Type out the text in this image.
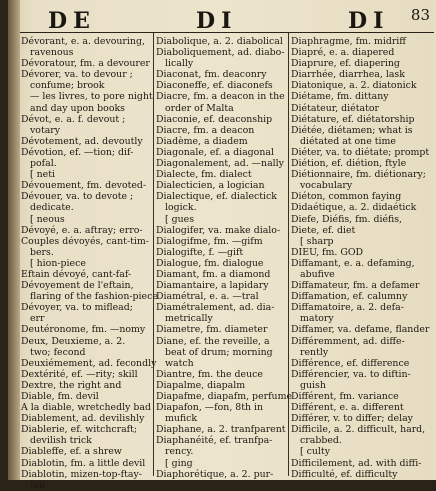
DE	DI	DI 83
Dévorant, e. a. devouring,
ravenous
Dévoratour, fm. a devourer
Dévorer, va. to devour ;
confume; brook
— les livres, to pore night
and day upon books
Dévot, e. a. f. devout ;
votary
Dévotement, ad. devoutly
Dévotion, ef. —tion; dif-
pofal.
[ neti
Dévouement, fm. devoted-
Dévouer, va. to devote ;
dedicate.
[ neous
Dévoyé, e. a. aftray; erro-
Couples dévoyés, cant-tim-
bers.
[ hion-piece
Eftain dévoyé, cant-faf-
Dévoyement de l'eftain,
flaring of the fashion-piece
Dévoyer, va. to miflead;
err
Deutéronome, fm. —nomy
Deux, Deuxieme, a. 2.
two; fecond
Deuxiémement, ad. fecondly
Dextérité, ef. —rity; skill
Dextre, the right and
Diable, fm. devil
A la diable, wretchedly bad
Diablement, ad. devilishly
Diablerie, ef. witchcraft;
devilish trick
Diableffe, ef. a shrew
Diablotin, fm. a little devil
Diablotin, mizen-top-ftay-
fail
Diabolique, a. 2. diabolical
Diaboliquement, ad. diabo-
lically
Diaconat, fm. deaconry
Diaconeffe, ef. diaconefs
Diacre, fm. a deacon in the
order of Malta
Diaconie, ef. deaconship
Diacre, fm. a deacon
Diadème, a diadem
Diagonale, ef. a diagonal
Diagonalement, ad. —nally
Dialecte, fm. dialect
Dialecticien, a logician
Dialectique, ef. dialectick
logick.
[ gues
Dialogifer, va. make dialo-
Dialogifme, fm. —gifm
Dialogifte, f. —gift
Dialogue, fm. dialogue
Diamant, fm. a diamond
Diamantaire, a lapidary
Diamétral, e. a. —tral
Diamétralement, ad. dia-
metrically
Diametre, fm. diameter
Diane, ef. the reveille, a
beat of drum; morning
watch
Diantre, fm. the deuce
Diapalme, diapalm
Diapafme, diapafm, perfume
Diapafon, —fon, 8th in
mufick
Diaphane, a. 2. tranfparent
Diaphanéité, ef. tranfpa-
rency.
[ ging
Diaphorétique, a. 2. pur-
Diaphragme, fm. midriff
Diapré, e. a. diapered
Diaprure, ef. diapering
Diarrhée, diarrhea, lask
Diatonique, a. 2. diatonick
Diétame, fm. dittany
Diétateur, diétator
Diétature, ef. diétatorship
Diétée, diétamen; what is
diétated at one time
Diéter, va. to diétate; prompt
Diétion, ef. diétion, ftyle
Diétionnaire, fm. diétionary;
vocabulary
Diéton, common faying
Didaétique, a. 2. didaétick
Diefe, Diéfis, fm. diéfis,
Diete, ef. diet
[ sharp
DIEU, fm. GOD
Diffamant, e. a. defaming,
abufive
Diffamateur, fm. a defamer
Diffamation, ef. calumny
Diffamatoire, a. 2. defa-
matory
Diffamer, va. defame, flander
Différemment, ad. diffe-
rently
Différence, ef. difference
Différencier, va. to diftin-
guish
Différent, fm. variance
Différent, e. a. different
Différer, v. to differ; delay
Difficile, a. 2. difficult, hard,
crabbed.
[ culty
Difficilement, ad. with diffi-
Difficulté, ef. difficulty
